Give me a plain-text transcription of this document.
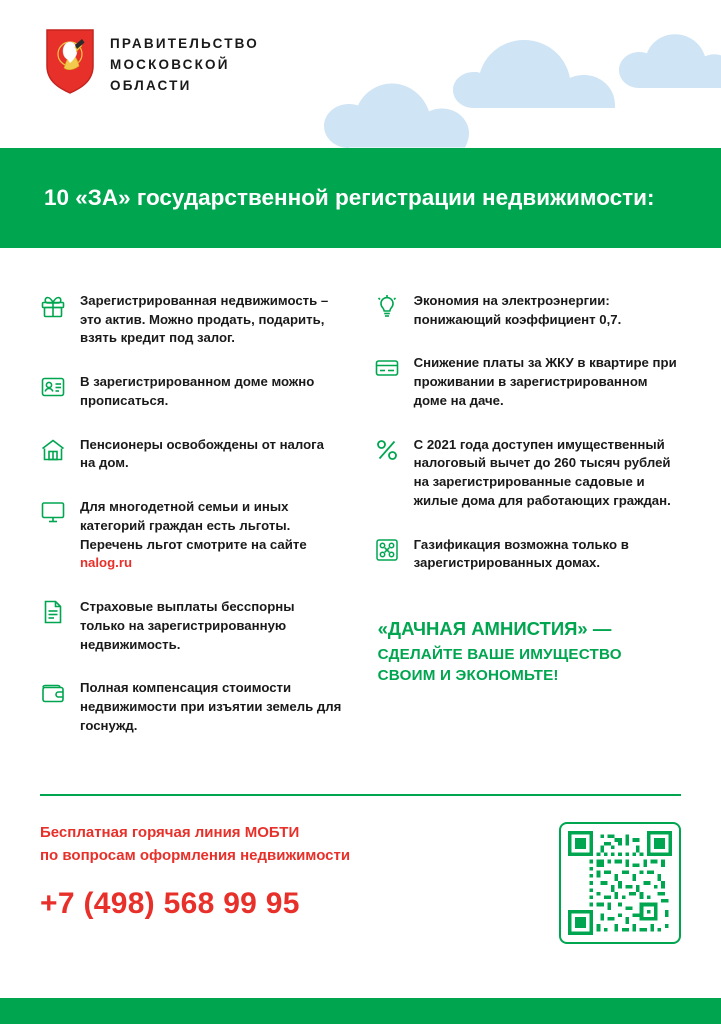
ПРАВИТЕЛЬСТВО
МОСКОВСКОЙ
ОБЛАСТИ
10 «ЗА» государственной регистрации недвижимости:
Зарегистрированная недвижимость – это актив. Можно продать, подарить, взять кредит под залог.
В зарегистрированном доме можно прописаться.
Пенсионеры освобождены от налога на дом.
Для многодетной семьи и иных категорий граждан есть льготы. Перечень льгот смотрите на сайте nalog.ru
Страховые выплаты бесспорны только на зарегистрированную недвижимость.
Полная компенсация стоимости недвижимости при изъятии земель для госнужд.
Экономия на электроэнергии: понижающий коэффициент 0,7.
Снижение платы за ЖКУ в квартире при проживании в зарегистрированном доме на даче.
С 2021 года доступен имущественный налоговый вычет до 260 тысяч рублей на зарегистрированные садовые и жилые дома для работающих граждан.
Газификация возможна только в зарегистрированных домах.
«ДАЧНАЯ АМНИСТИЯ» —
СДЕЛАЙТЕ ВАШЕ ИМУЩЕСТВО СВОИМ И ЭКОНОМЬТЕ!
Бесплатная горячая линия МОБТИ
по вопросам оформления недвижимости
+7 (498) 568 99 95
